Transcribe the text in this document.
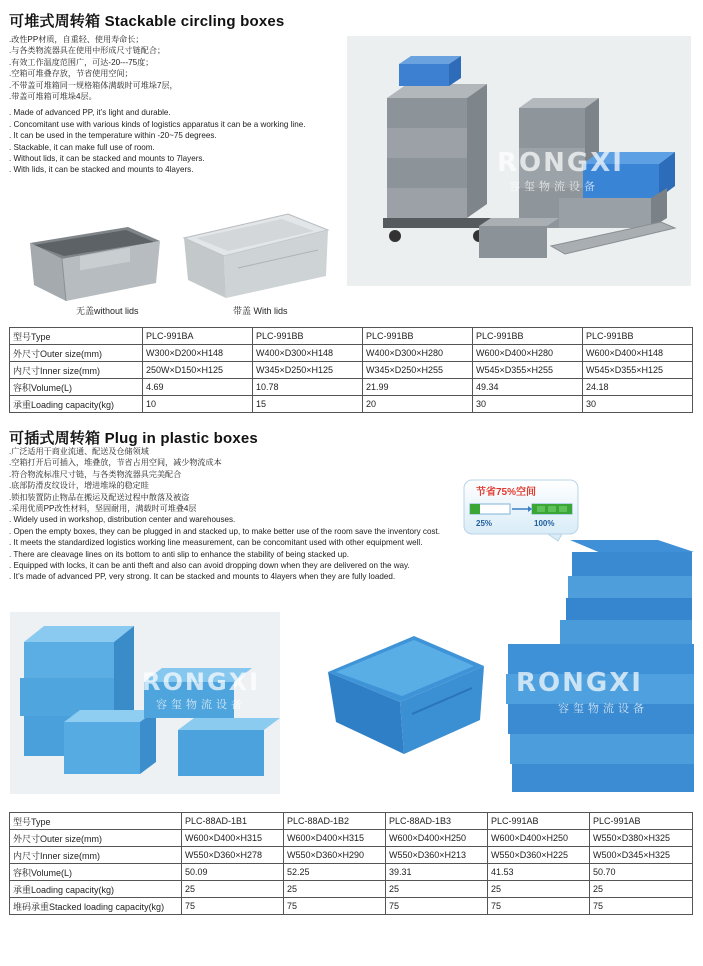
可堆式周转箱 Stackable circling boxes
.改性PP材质，自重轻、使用寿命长；
.与各类物流器具在使用中形成尺寸链配合；
.有效工作温度范围广，可达-20---75度；
.空箱可堆叠存放，节省使用空间；
.不带盖可堆箱同一规格箱体满载时可堆垛7层，
.带盖可堆箱可堆垛4层。
. Made of advanced PP, it’s light and durable.
. Concomitant use with various kinds of logistics apparatus it can be a working line.
. It can be used in the temperature within -20~75 degrees.
. Stackable, it can make full use of room.
. Without lids, it can be stacked and mounts to 7layers.
. With lids, it can be stacked and mounts to 4layers.
无盖without lids	带盖 With lids
RONGXI
容玺物流设备
型号Type	PLC-991BA	PLC-991BB	PLC-991BB	PLC-991BB	PLC-991BB
外尺寸Outer size(mm)	W300×D200×H148	W400×D300×H148	W400×D300×H280	W600×D400×H280	W600×D400×H148
内尺寸Inner size(mm)	250W×D150×H125	W345×D250×H125	W345×D250×H255	W545×D355×H255	W545×D355×H125
容积Volume(L)	4.69	10.78	21.99	49.34	24.18
承重Loading capacity(kg)	10	15	20	30	30
可插式周转箱 Plug in plastic boxes
.广泛适用于商业流通、配送及仓储领域
.空箱打开后可插入，堆叠放，节省占用空间，减少物流成本
.符合物流标准尺寸链，与各类物流器具完美配合
.底部防滑皮纹设计，增进堆垛的稳定眭
.锁扣装置防止物品在搬运及配送过程中散落及被盗
.采用优质PP改性材料，坚固耐用，满载时可堆叠4层
. Widely used in workshop, distribution center and warehouses.
. Open the empty boxes, they can be plugged in and stacked up, to make better use of the room save the inventory cost.
. It meets the standardized logistics working line measurement, can be concomitant used with other equipment well.
. There are cleavage lines on its bottom to anti slip to enhance the stability of being stacked up.
. Equipped with locks, it can be anti theft and also can avoid dropping down when they are delivered on the way.
. It’s made of advanced PP, very strong. It can be stacked and mounts to 4layers when they are fully loaded.
节省75%空间
25%	100%
RONGXI
容玺物流设备
RONGXI
容玺物流设备
型号Type	PLC-88AD-1B1	PLC-88AD-1B2	PLC-88AD-1B3	PLC-991AB	PLC-991AB
外尺寸Outer size(mm)	W600×D400×H315	W600×D400×H315	W600×D400×H250	W600×D400×H250	W550×D380×H325
内尺寸Inner size(mm)	W550×D360×H278	W550×D360×H290	W550×D360×H213	W550×D360×H225	W500×D345×H325
容积Volume(L)	50.09	52.25	39.31	41.53	50.70
承重Loading capacity(kg)	25	25	25	25	25
堆码承重Stacked loading capacity(kg)	75	75	75	75	75
